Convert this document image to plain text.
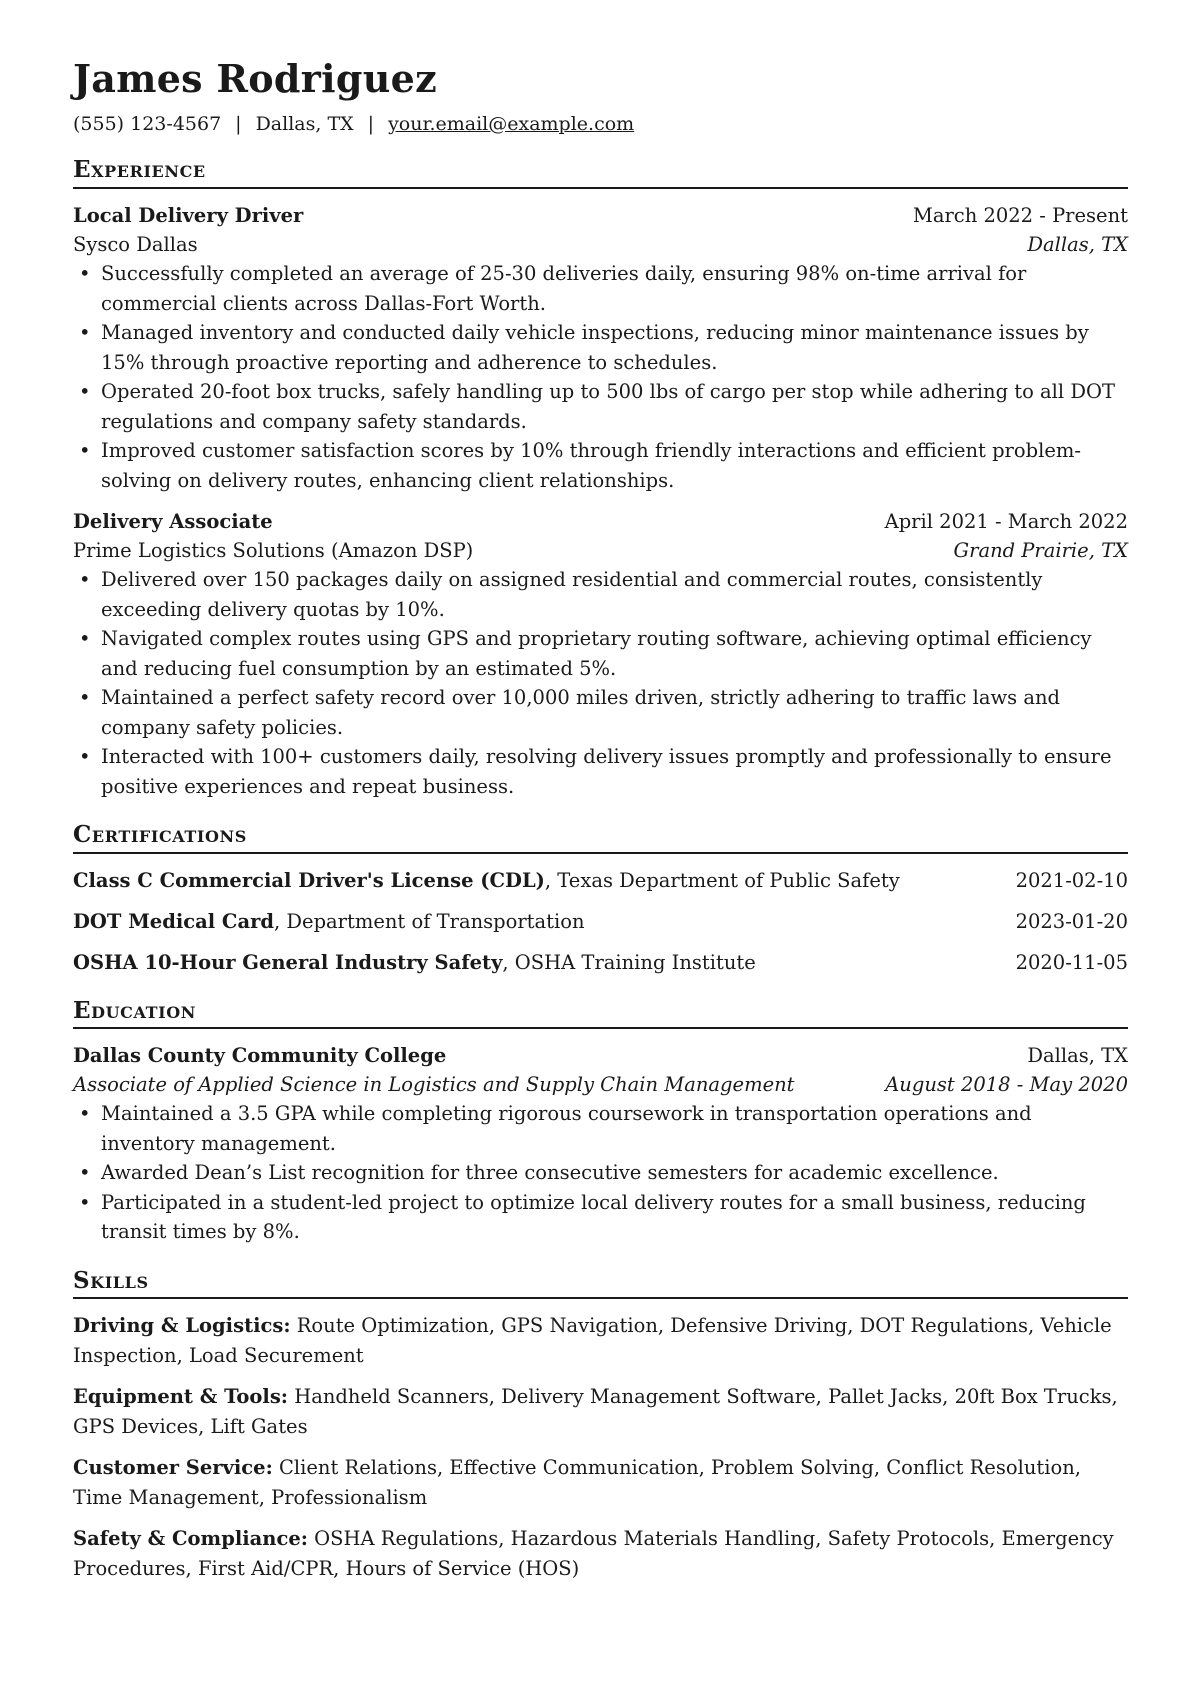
James Rodriguez
(555) 123-4567 | Dallas, TX | your.email@example.com
Experience
Local Delivery Driver	March 2022 - Present
Sysco Dallas	Dallas, TX
• Successfully completed an average of 25-30 deliveries daily, ensuring 98% on-time arrival for commercial clients across Dallas-Fort Worth.
• Managed inventory and conducted daily vehicle inspections, reducing minor maintenance issues by 15% through proactive reporting and adherence to schedules.
• Operated 20-foot box trucks, safely handling up to 500 lbs of cargo per stop while adhering to all DOT regulations and company safety standards.
• Improved customer satisfaction scores by 10% through friendly interactions and efficient problem-solving on delivery routes, enhancing client relationships.
Delivery Associate	April 2021 - March 2022
Prime Logistics Solutions (Amazon DSP)	Grand Prairie, TX
• Delivered over 150 packages daily on assigned residential and commercial routes, consistently exceeding delivery quotas by 10%.
• Navigated complex routes using GPS and proprietary routing software, achieving optimal efficiency and reducing fuel consumption by an estimated 5%.
• Maintained a perfect safety record over 10,000 miles driven, strictly adhering to traffic laws and company safety policies.
• Interacted with 100+ customers daily, resolving delivery issues promptly and professionally to ensure positive experiences and repeat business.
Certifications
Class C Commercial Driver's License (CDL), Texas Department of Public Safety	2021-02-10
DOT Medical Card, Department of Transportation	2023-01-20
OSHA 10-Hour General Industry Safety, OSHA Training Institute	2020-11-05
Education
Dallas County Community College	Dallas, TX
Associate of Applied Science in Logistics and Supply Chain Management	August 2018 - May 2020
• Maintained a 3.5 GPA while completing rigorous coursework in transportation operations and inventory management.
• Awarded Dean’s List recognition for three consecutive semesters for academic excellence.
• Participated in a student-led project to optimize local delivery routes for a small business, reducing transit times by 8%.
Skills
Driving & Logistics: Route Optimization, GPS Navigation, Defensive Driving, DOT Regulations, Vehicle Inspection, Load Securement
Equipment & Tools: Handheld Scanners, Delivery Management Software, Pallet Jacks, 20ft Box Trucks, GPS Devices, Lift Gates
Customer Service: Client Relations, Effective Communication, Problem Solving, Conflict Resolution, Time Management, Professionalism
Safety & Compliance: OSHA Regulations, Hazardous Materials Handling, Safety Protocols, Emergency Procedures, First Aid/CPR, Hours of Service (HOS)
